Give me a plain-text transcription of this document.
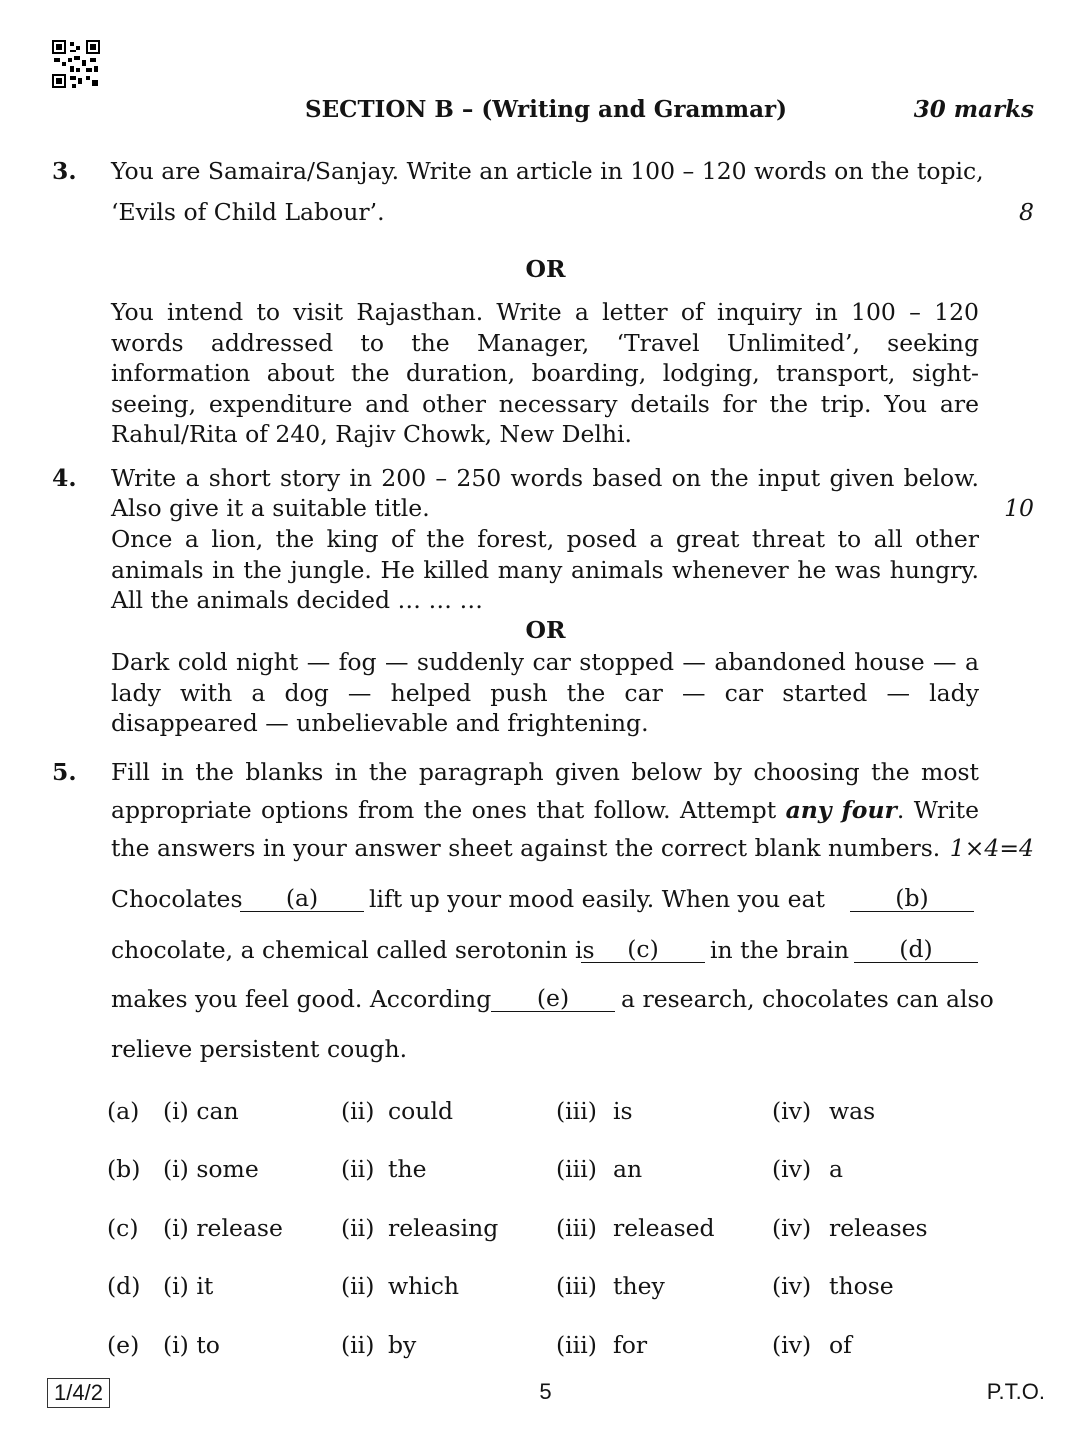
SECTION B – (Writing and Grammar)	30 marks
3. You are Samaira/Sanjay. Write an article in 100 – 120 words on the topic,
‘Evils of Child Labour’.	8
OR

You intend to visit Rajasthan. Write a letter of inquiry in 100 – 120 words addressed to the Manager, ‘Travel Unlimited’, seeking information about the duration, boarding, lodging, transport, sight-seeing, expenditure and other necessary details for the trip. You are Rahul/Rita of 240, Rajiv Chowk, New Delhi.

4. Write a short story in 200 – 250 words based on the input given below.
Also give it a suitable title.	10

Once a lion, the king of the forest, posed a great threat to all other animals in the jungle. He killed many animals whenever he was hungry. All the animals decided … … …

OR

Dark cold night — fog — suddenly car stopped — abandoned house — a lady with a dog — helped push the car — car started — lady disappeared — unbelievable and frightening.

5. Fill in the blanks in the paragraph given below by choosing the most
appropriate options from the ones that follow. Attempt any four. Write
the answers in your answer sheet against the correct blank numbers. 1×4=4
Chocolates	(a)	lift up your mood easily. When you eat	(b)
chocolate, a chemical called serotonin is	(c)	in the brain	(d)
makes you feel good. According	(e)	a research, chocolates can also
relieve persistent cough.
(a) (i) can	(ii) could	(iii) is	(iv) was
(b) (i) some	(ii) the	(iii) an	(iv) a
(c) (i) release (ii) releasing (iii) released (iv) releases
(d) (i) it	(ii) which	(iii) they	(iv) those
(e) (i) to	(ii) by	(iii) for	(iv) of
1/4/2	5	P.T.O.
